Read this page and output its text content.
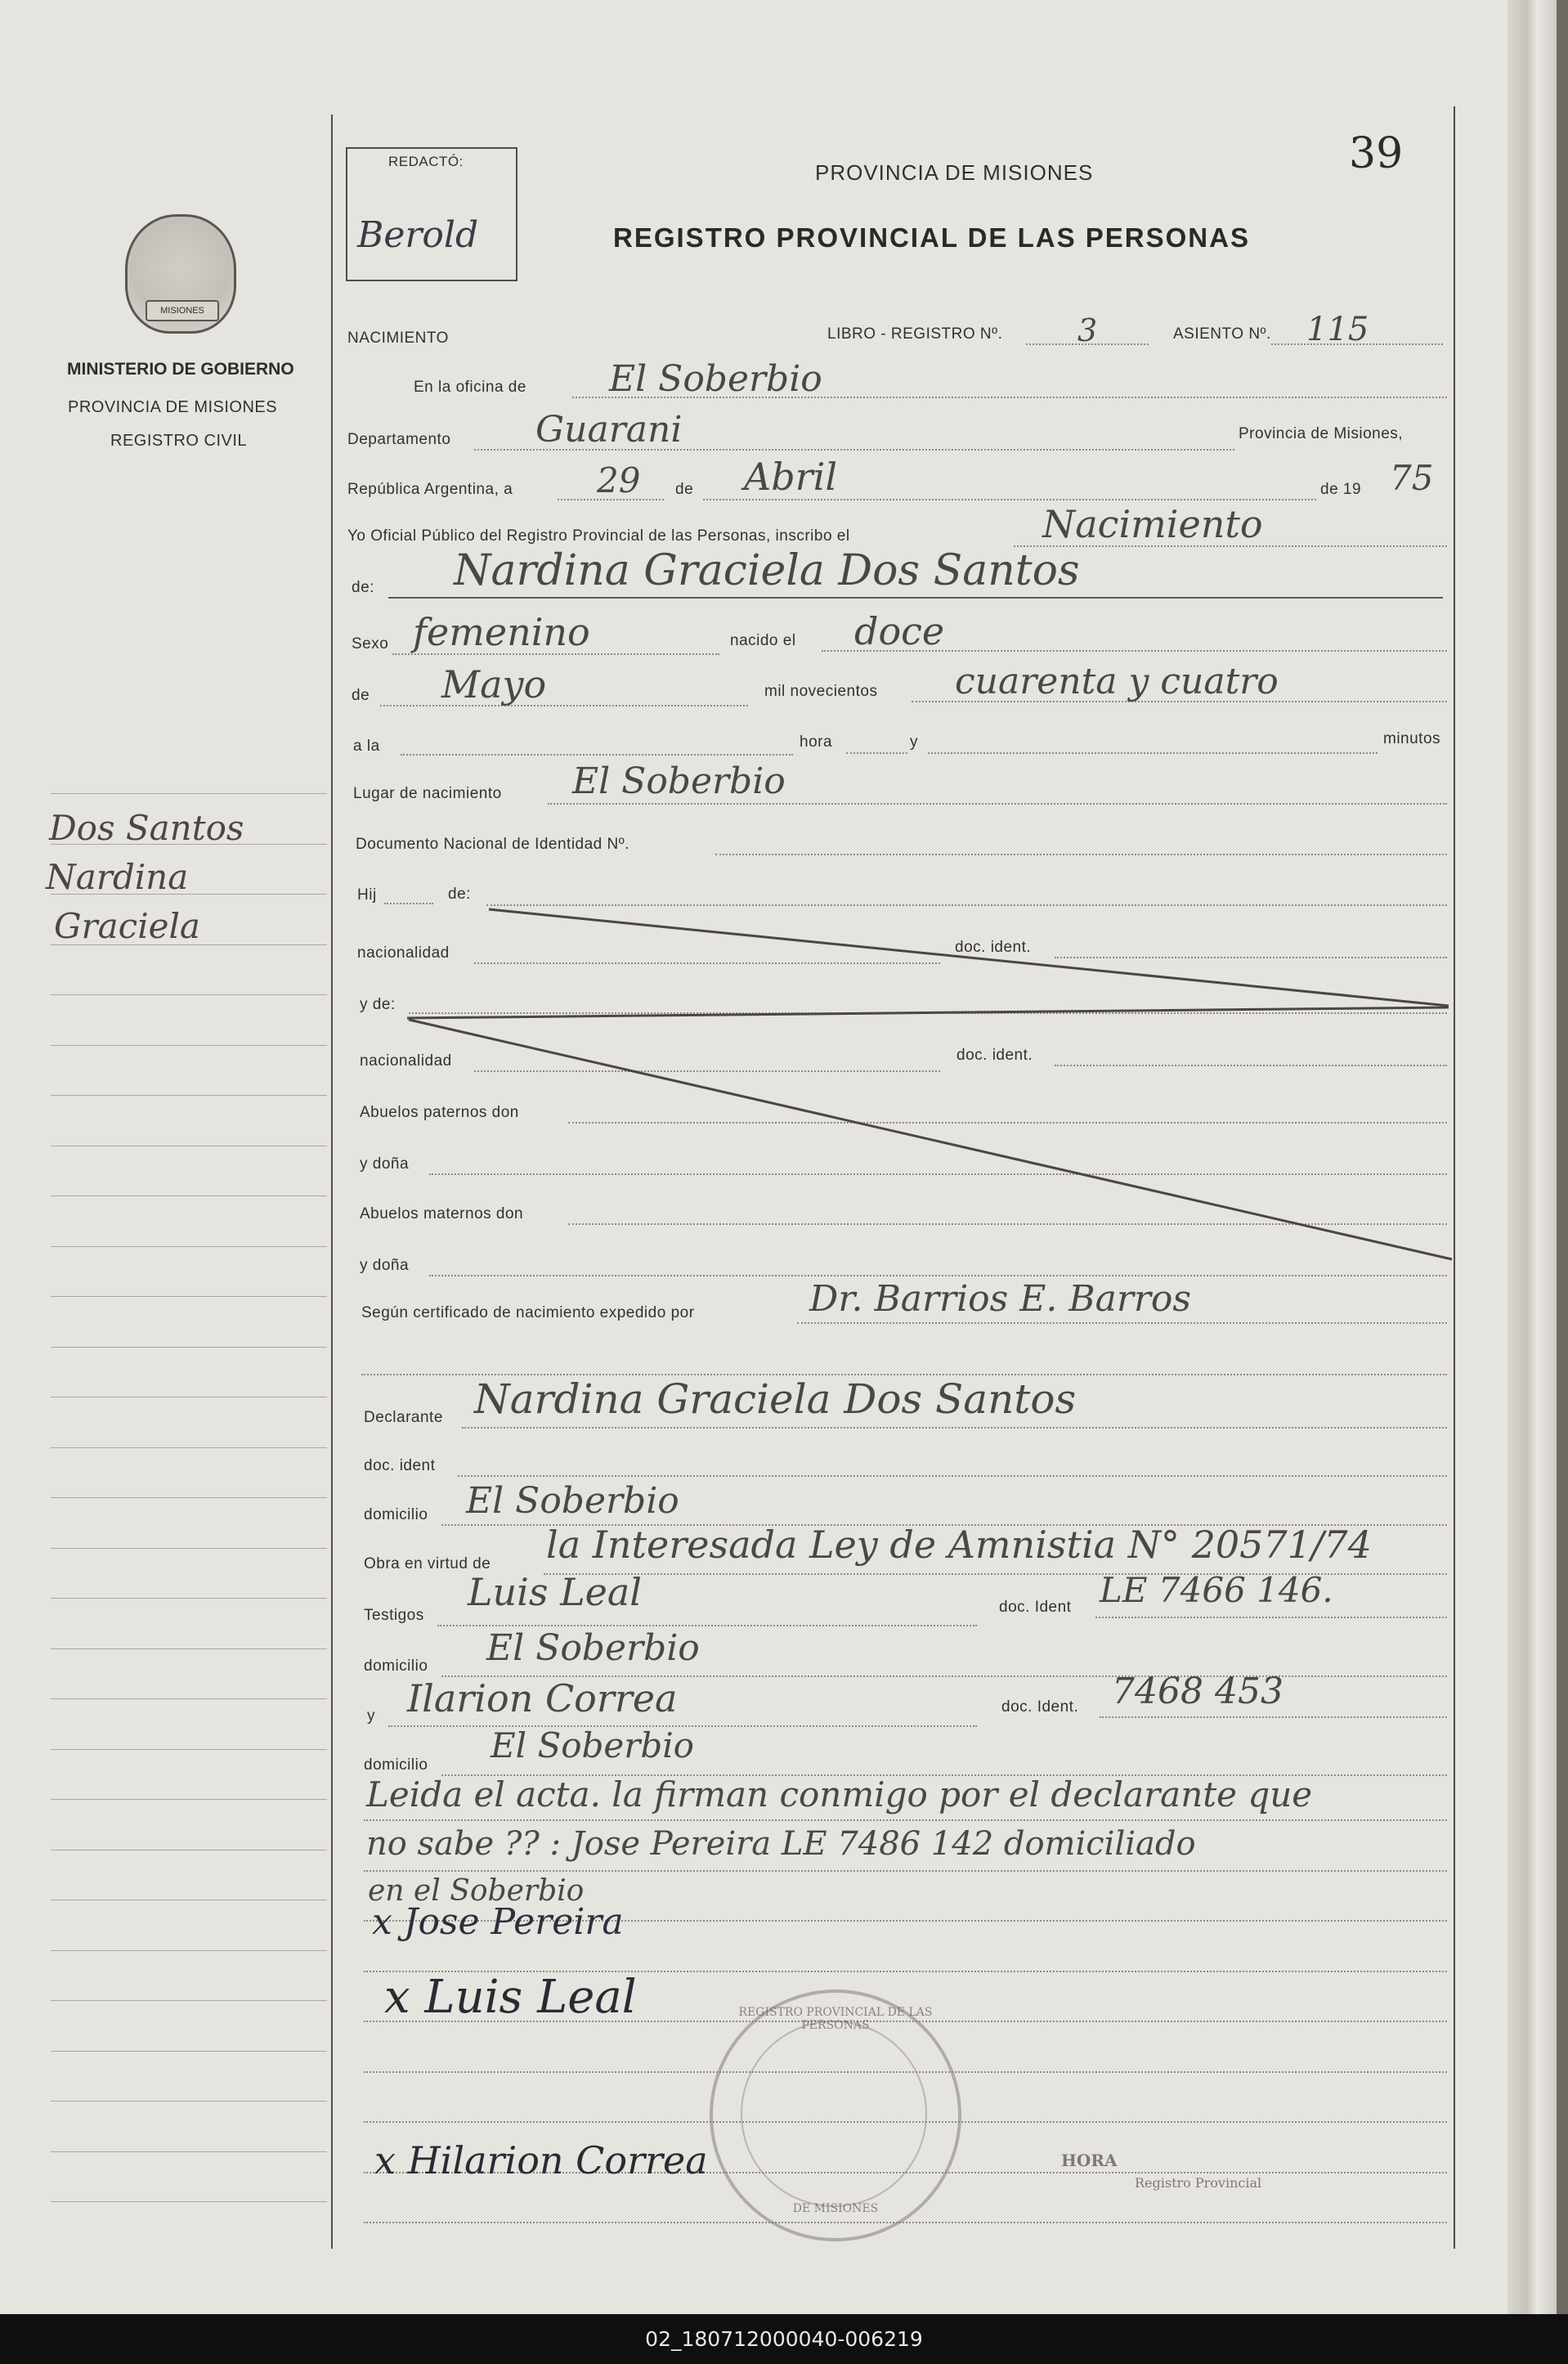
REDACTÓ:
Berold
39
PROVINCIA DE MISIONES
REGISTRO PROVINCIAL DE LAS PERSONAS
MISIONES
MINISTERIO DE GOBIERNO
PROVINCIA DE MISIONES
REGISTRO CIVIL
Dos Santos
Nardina
Graciela
NACIMIENTO	LIBRO - REGISTRO Nº. 3	ASIENTO Nº. 115
En la oficina de El Soberbio
Departamento Guarani	Provincia de Misiones,
República Argentina, a 29 de Abril	de 19 75
Yo Oficial Público del Registro Provincial de las Personas, inscribo el	Nacimiento
de: Nardina Graciela Dos Santos
Sexo femenino	nacido el doce
de Mayo	mil novecientos cuarenta y cuatro
a la	hora	y	minutos
Lugar de nacimiento El Soberbio
Documento Nacional de Identidad Nº.
Hij	de:
nacionalidad	doc. ident.
y de:
nacionalidad	doc. ident.
Abuelos paternos don
y doña
Abuelos maternos don
y doña
Según certificado de nacimiento expedido por	Dr. Barrios E. Barros
Declarante Nardina Graciela Dos Santos
doc. ident
domicilio El Soberbio
Obra en virtud de la Interesada Ley de Amnistia N° 20571/74
Testigos
Luis Leal	doc. Ident LE 7466 146.
domicilio El Soberbio
y Ilarion Correa	doc. Ident. 7468 453
domicilio El Soberbio
Leida el acta. la firman conmigo por el declarante que
no sabe ?? : Jose Pereira LE 7486 142 domiciliado
en el Soberbio
x Jose Pereira
x Luis Leal
x Hilarion Correa
REGISTRO PROVINCIAL DE LAS PERSONAS
DE MISIONES
HORA
Registro Provincial
02_180712000040-006219
